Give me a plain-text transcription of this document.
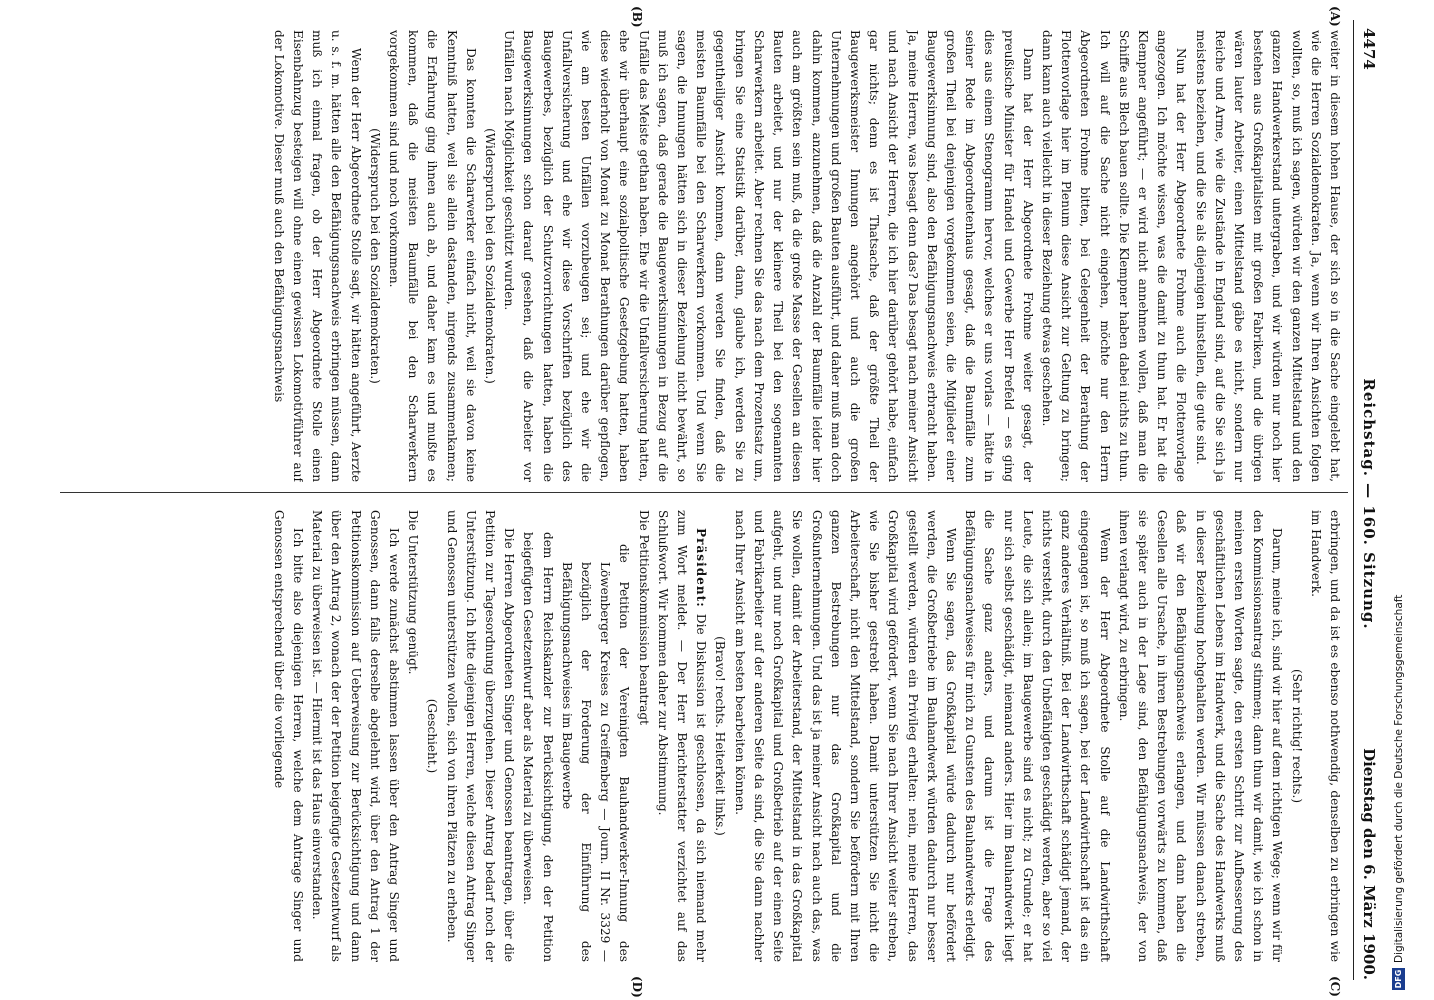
4474
Reichstag. — 160. Sitzung.
Dienstag den 6. März 1900.
(A)
(B)
(C)
(D)

weiter in diesem hohen Hause, der sich so in die Sache eingelebt hat, wie die Herren Sozialdemokraten. Ja, wenn wir Ihren Ansichten folgen wollten, so, muß ich sagen, würden wir den ganzen Mittelstand und den ganzen Handwerkerstand untergraben, und wir würden nur noch hier bestehen aus Großkapitalisten mit großen Fabriken, und die übrigen wären lauter Arbeiter, einen Mittelstand gäbe es nicht, sondern nur Reiche und Arme, wie die Zustände in England sind, auf die Sie sich ja meistens beziehen, und die Sie als diejenigen hinstellen, die gute sind.

Nun hat der Herr Abgeordnete Frohme auch die Flottenvorlage angezogen. Ich möchte wissen, was die damit zu thun hat. Er hat die Klempner angeführt; — er wird nicht annehmen wollen, daß man die Schiffe aus Blech bauen sollte. Die Klempner haben dabei nichts zu thun. Ich will auf die Sache nicht eingehen, möchte nur den Herrn Abgeordneten Frohme bitten, bei Gelegenheit der Berathung der Flottenvorlage hier im Plenum diese Ansicht zur Geltung zu bringen; dann kann auch vielleicht in dieser Beziehung etwas geschehen.

Dann hat der Herr Abgeordnete Frohme weiter gesagt, der preußische Minister für Handel und Gewerbe Herr Brefeld — es ging dies aus einem Stenogramm hervor, welches er uns vorlas — hätte in seiner Rede im Abgeordnetenhaus gesagt, daß die Baumfälle zum großen Theil bei denjenigen vorgekommen seien, die Mitglieder einer Baugewerksinnung sind, also den Befähigungsnachweis erbracht haben. Ja, meine Herren, was besagt denn das? Das besagt nach meiner Ansicht und nach Ansicht der Herren, die ich hier darüber gehört habe, einfach gar nichts; denn es ist Thatsache, daß der größte Theil der Baugewerksmeister Innungen angehört und auch die großen Unternehmungen und großen Bauten ausführt, und daher muß man doch dahin kommen, anzunehmen, daß die Anzahl der Baumfälle leider hier auch am größten sein muß, da die große Masse der Gesellen an diesen Bauten arbeitet, und nur der kleinere Theil bei den sogenannten Scharwerkern arbeitet. Aber rechnen Sie das nach dem Prozentsatz um, bringen Sie eine Statistik darüber, dann, glaube ich, werden Sie zu gegentheiliger Ansicht kommen, dann werden Sie finden, daß die meisten Baumfälle bei den Scharwerkern vorkommen. Und wenn Sie sagen, die Innungen hätten sich in dieser Beziehung nicht bewährt, so muß ich sagen, daß gerade die Baugewerksinnungen in Bezug auf die Unfälle das Meiste gethan haben. Ehe wir die Unfallversicherung hatten, ehe wir überhaupt eine sozialpolitische Gesetzgebung hatten, haben diese wiederholt von Monat zu Monat Berathungen darüber gepflogen, wie am besten Unfällen vorzubeugen sei; und ehe wir die Unfallversicherung und ehe wir diese Vorschriften bezüglich des Baugewerbes, bezüglich der Schutzvorrichtungen hatten, haben die Baugewerksinnungen schon darauf gesehen, daß die Arbeiter vor Unfällen nach Möglichkeit geschützt wurden.

(Widerspruch bei den Sozialdemokraten.)

Das konnten die Scharwerker einfach nicht, weil sie davon keine Kenntniß hatten, weil sie allein dastanden, nirgends zusammenkamen; die Erfahrung ging ihnen auch ab, und daher kam es und mußte es kommen, daß die meisten Baumfälle bei den Scharwerkern vorgekommen sind und noch vorkommen.

(Widerspruch bei den Sozialdemokraten.)

Wenn der Herr Abgeordnete Stolle sagt, wir hätten angeführt, Aerzte u. s. f. m. hätten alle den Befähigungsnachweis erbringen müssen, dann muß ich einmal fragen, ob der Herr Abgeordnete Stolle einen Eisenbahnzug besteigen will ohne einen gewissen Lokomotivführer auf der Lokomotive. Dieser muß auch den Befähigungsnachweis

erbringen, und da ist es ebenso nothwendig, denselben zu erbringen wie im Handwerk.

(Sehr richtig! rechts.)

Darum, meine ich, sind wir hier auf dem richtigen Wege; wenn wir für den Kommissionsantrag stimmen; dann thun wir damit, wie ich schon in meinen ersten Worten sagte, den ersten Schritt zur Aufbesserung des geschäftlichen Lebens im Handwerk, und die Sache des Handwerks muß in dieser Beziehung hochgehalten werden. Wir müssen danach streben, daß wir den Befähigungsnachweis erlangen, und dann haben die Gesellen alle Ursache, in ihren Bestrebungen vorwärts zu kommen, daß sie später auch in der Lage sind, den Befähigungsnachweis, der von ihnen verlangt wird, zu erbringen.

Wenn der Herr Abgeordnete Stolle auf die Landwirthschaft eingegangen ist, so muß ich sagen, bei der Landwirthschaft ist das ein ganz anderes Verhältniß. Bei der Landwirthschaft schädigt jemand, der nichts versteht, durch den Unbefähigten geschädigt werden, aber so viel Leute, die sich allein; im Baugewerbe sind es nicht; zu Grunde; er hat nur sich selbst geschädigt, niemand anders. Hier im Bauhandwerk liegt die Sache ganz anders, und darum ist die Frage des Befähigungsnachweises für mich zu Gunsten des Bauhandwerks erledigt.

Wenn Sie sagen, das Großkapital würde dadurch nur befördert werden, die Großbetriebe im Bauhandwerk würden dadurch nur besser gestellt werden, würden ein Privileg erhalten: nein, meine Herren, das Großkapital wird gefördert, wenn Sie nach Ihrer Ansicht weiter streben, wie Sie bisher gestrebt haben. Damit unterstützen Sie nicht die Arbeiterschaft, nicht den Mittelstand, sondern Sie befördern mit Ihren ganzen Bestrebungen nur das Großkapital und die Großunternehmungen. Und das ist ja meiner Ansicht nach auch das, was Sie wollen, damit der Arbeiterstand, der Mittelstand in das Großkapital aufgeht, und nur noch Großkapital und Großbetrieb auf der einen Seite und Fabrikarbeiter auf der anderen Seite da sind, die Sie dann nachher nach Ihrer Ansicht am besten bearbeiten können.

(Bravo! rechts. Heiterkeit links.)

Präsident: Die Diskussion ist geschlossen, da sich niemand mehr zum Wort meldet. — Der Herr Berichterstatter verzichtet auf das Schlußwort. Wir kommen daher zur Abstimmung.

Die Petitionskommission beantragt

die Petition der Vereinigten Bauhandwerker-Innung des Löwenberger Kreises zu Greiffenberg — Journ. II Nr. 3329 — bezüglich der Forderung der Einführung des Befähigungsnachweises im Baugewerbe

dem Herrn Reichskanzler zur Berücksichtigung, den der Petition beigefügten Gesetzentwurf aber als Material zu überweisen.

Die Herren Abgeordneten Singer und Genossen beantragen, über die Petition zur Tagesordnung überzugehen. Dieser Antrag bedarf noch der Unterstützung. Ich bitte diejenigen Herren, welche diesen Antrag Singer und Genossen unterstützen wollen, sich von ihren Plätzen zu erheben.

(Geschieht.)

Die Unterstützung genügt.

Ich werde zunächst abstimmen lassen über den Antrag Singer und Genossen, dann falls derselbe abgelehnt wird, über den Antrag 1 der Petitionskommission auf Ueberweisung zur Berücksichtigung und dann über den Antrag 2, wonach der der Petition beigefügte Gesetzentwurf als Material zu überweisen ist. — Hiermit ist das Haus einverstanden.

Ich bitte also diejenigen Herren, welche dem Antrage Singer und Genossen entsprechend über die vorliegende

DFG
Digitalisierung gefördert durch die Deutsche Forschungsgemeinschaft
